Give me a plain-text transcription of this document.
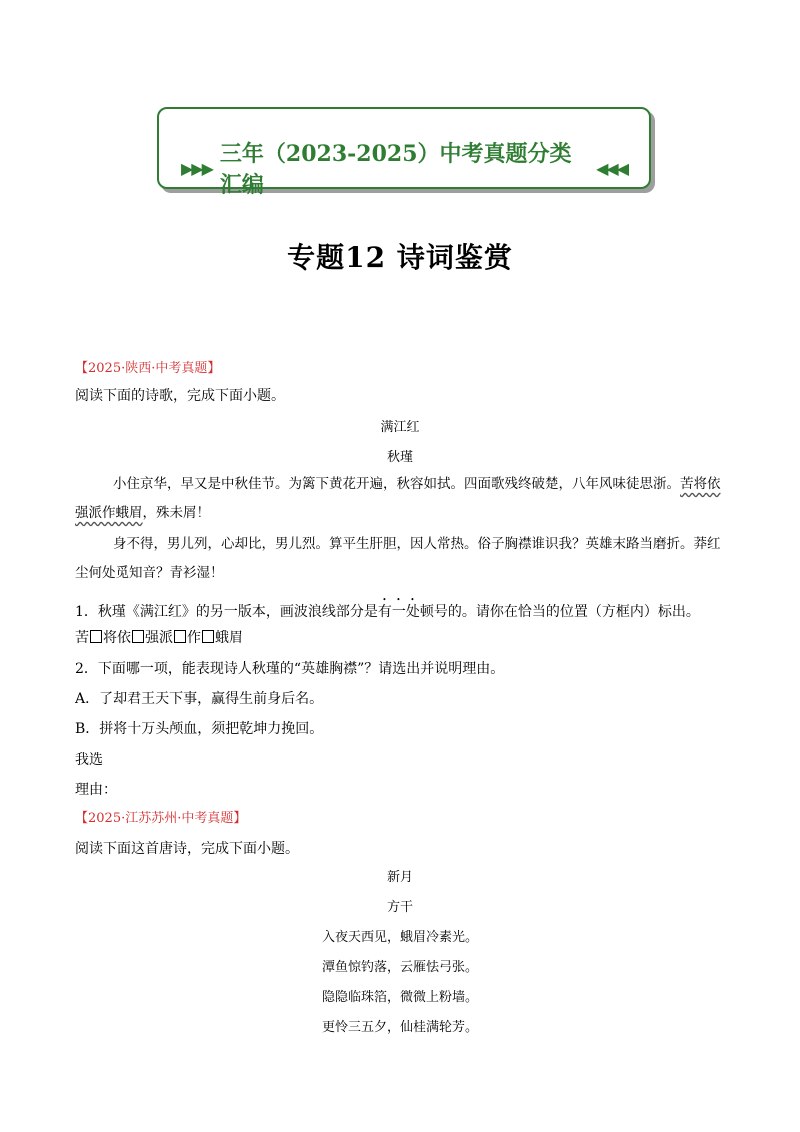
▶▶▶
三年（2023-2025）中考真题分类汇编
◀◀◀
专题12 诗词鉴赏
【2025·陕西·中考真题】
阅读下面的诗歌，完成下面小题。
满江红
秋瑾
小住京华，早又是中秋佳节。为篱下黄花开遍，秋容如拭。四面歌残终破楚，八年风味徒思浙。苦将依强派作蛾眉，殊未屑！
身不得，男儿列，心却比，男儿烈。算平生肝胆，因人常热。俗子胸襟谁识我？英雄末路当磨折。莽红尘何处觅知音？青衫湿！
1．秋瑾《满江红》的另一版本，画波浪线部分是有一处顿号的。请你在恰当的位置（方框内）标出。
苦 将依 强派 作 蛾眉
2．下面哪一项，能表现诗人秋瑾的“英雄胸襟”？请选出并说明理由。
A．了却君王天下事，赢得生前身后名。
B．拼将十万头颅血，须把乾坤力挽回。
我选
理由：
【2025·江苏苏州·中考真题】
阅读下面这首唐诗，完成下面小题。
新月
方干
入夜天西见，蛾眉冷素光。
潭鱼惊钓落，云雁怯弓张。
隐隐临珠箔，微微上粉墙。
更怜三五夕，仙桂满轮芳。
